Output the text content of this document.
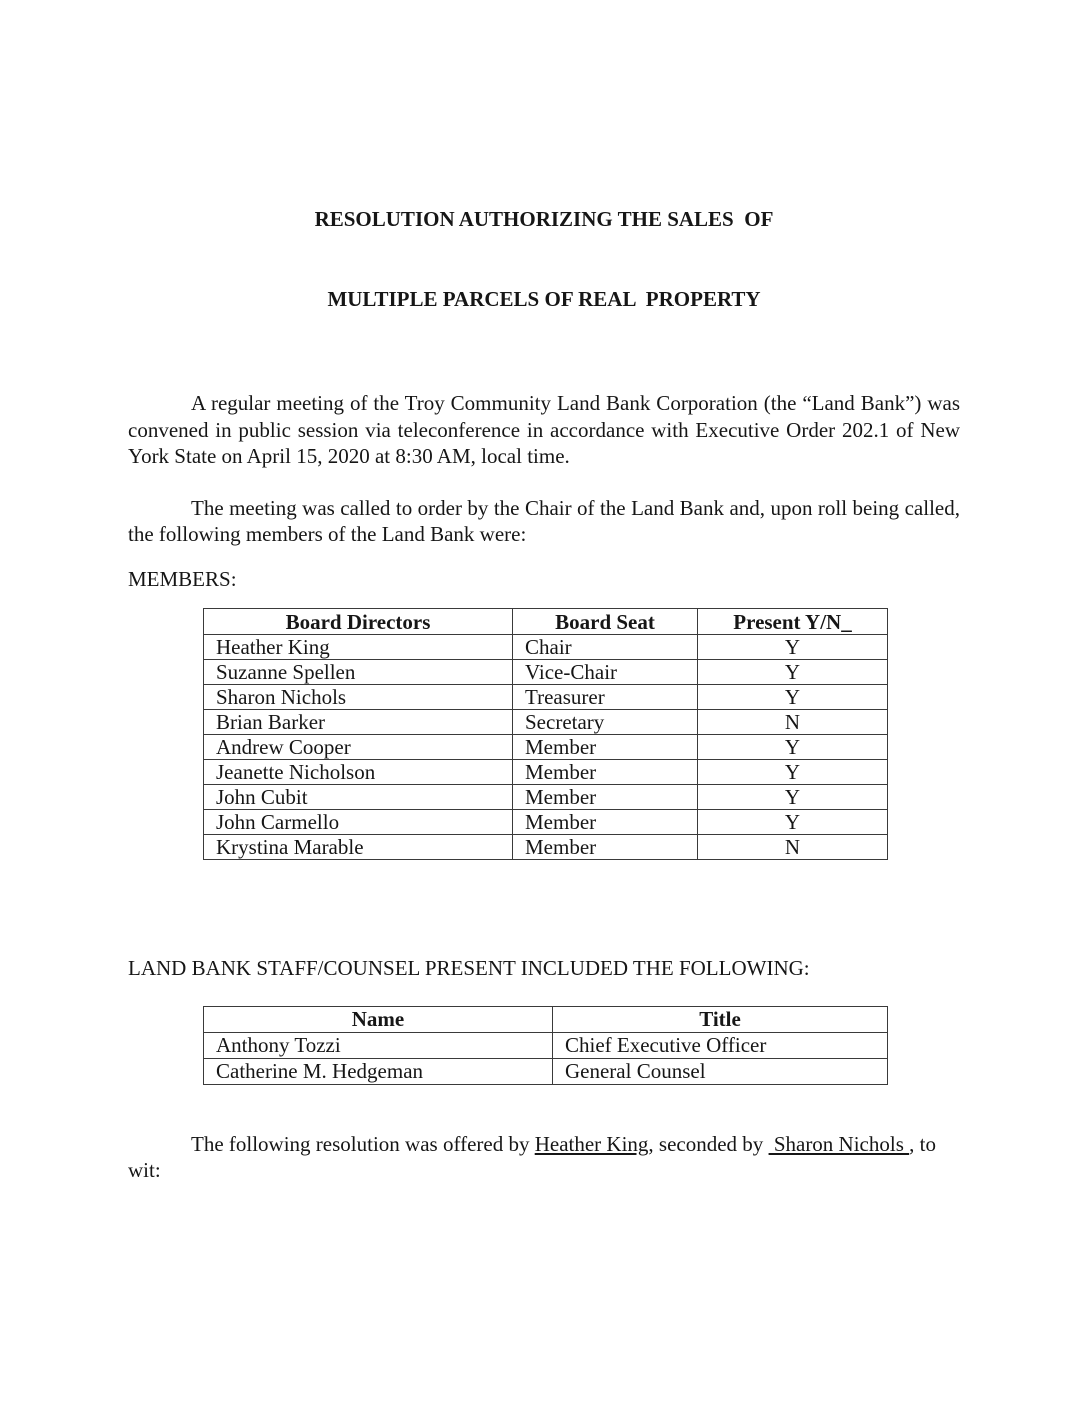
RESOLUTION AUTHORIZING THE SALES  OF

MULTIPLE PARCELS OF REAL  PROPERTY

A regular meeting of the Troy Community Land Bank Corporation (the “Land Bank”) was convened in public session via teleconference in accordance with Executive Order 202.1 of New York State on April 15, 2020 at 8:30 AM, local time.

The meeting was called to order by the Chair of the Land Bank and, upon roll being called, the following members of the Land Bank were:

MEMBERS:

Board Directors	Board Seat	Present Y/N_
Heather King	Chair	Y
Suzanne Spellen	Vice-Chair	Y
Sharon Nichols	Treasurer	Y
Brian Barker	Secretary	N
Andrew Cooper	Member	Y
Jeanette Nicholson	Member	Y
John Cubit	Member	Y
John Carmello	Member	Y
Krystina Marable	Member	N

LAND BANK STAFF/COUNSEL PRESENT INCLUDED THE FOLLOWING:

Name	Title
Anthony Tozzi	Chief Executive Officer
Catherine M. Hedgeman	General Counsel

The following resolution was offered by Heather King, seconded by  Sharon Nichols , to
wit:
